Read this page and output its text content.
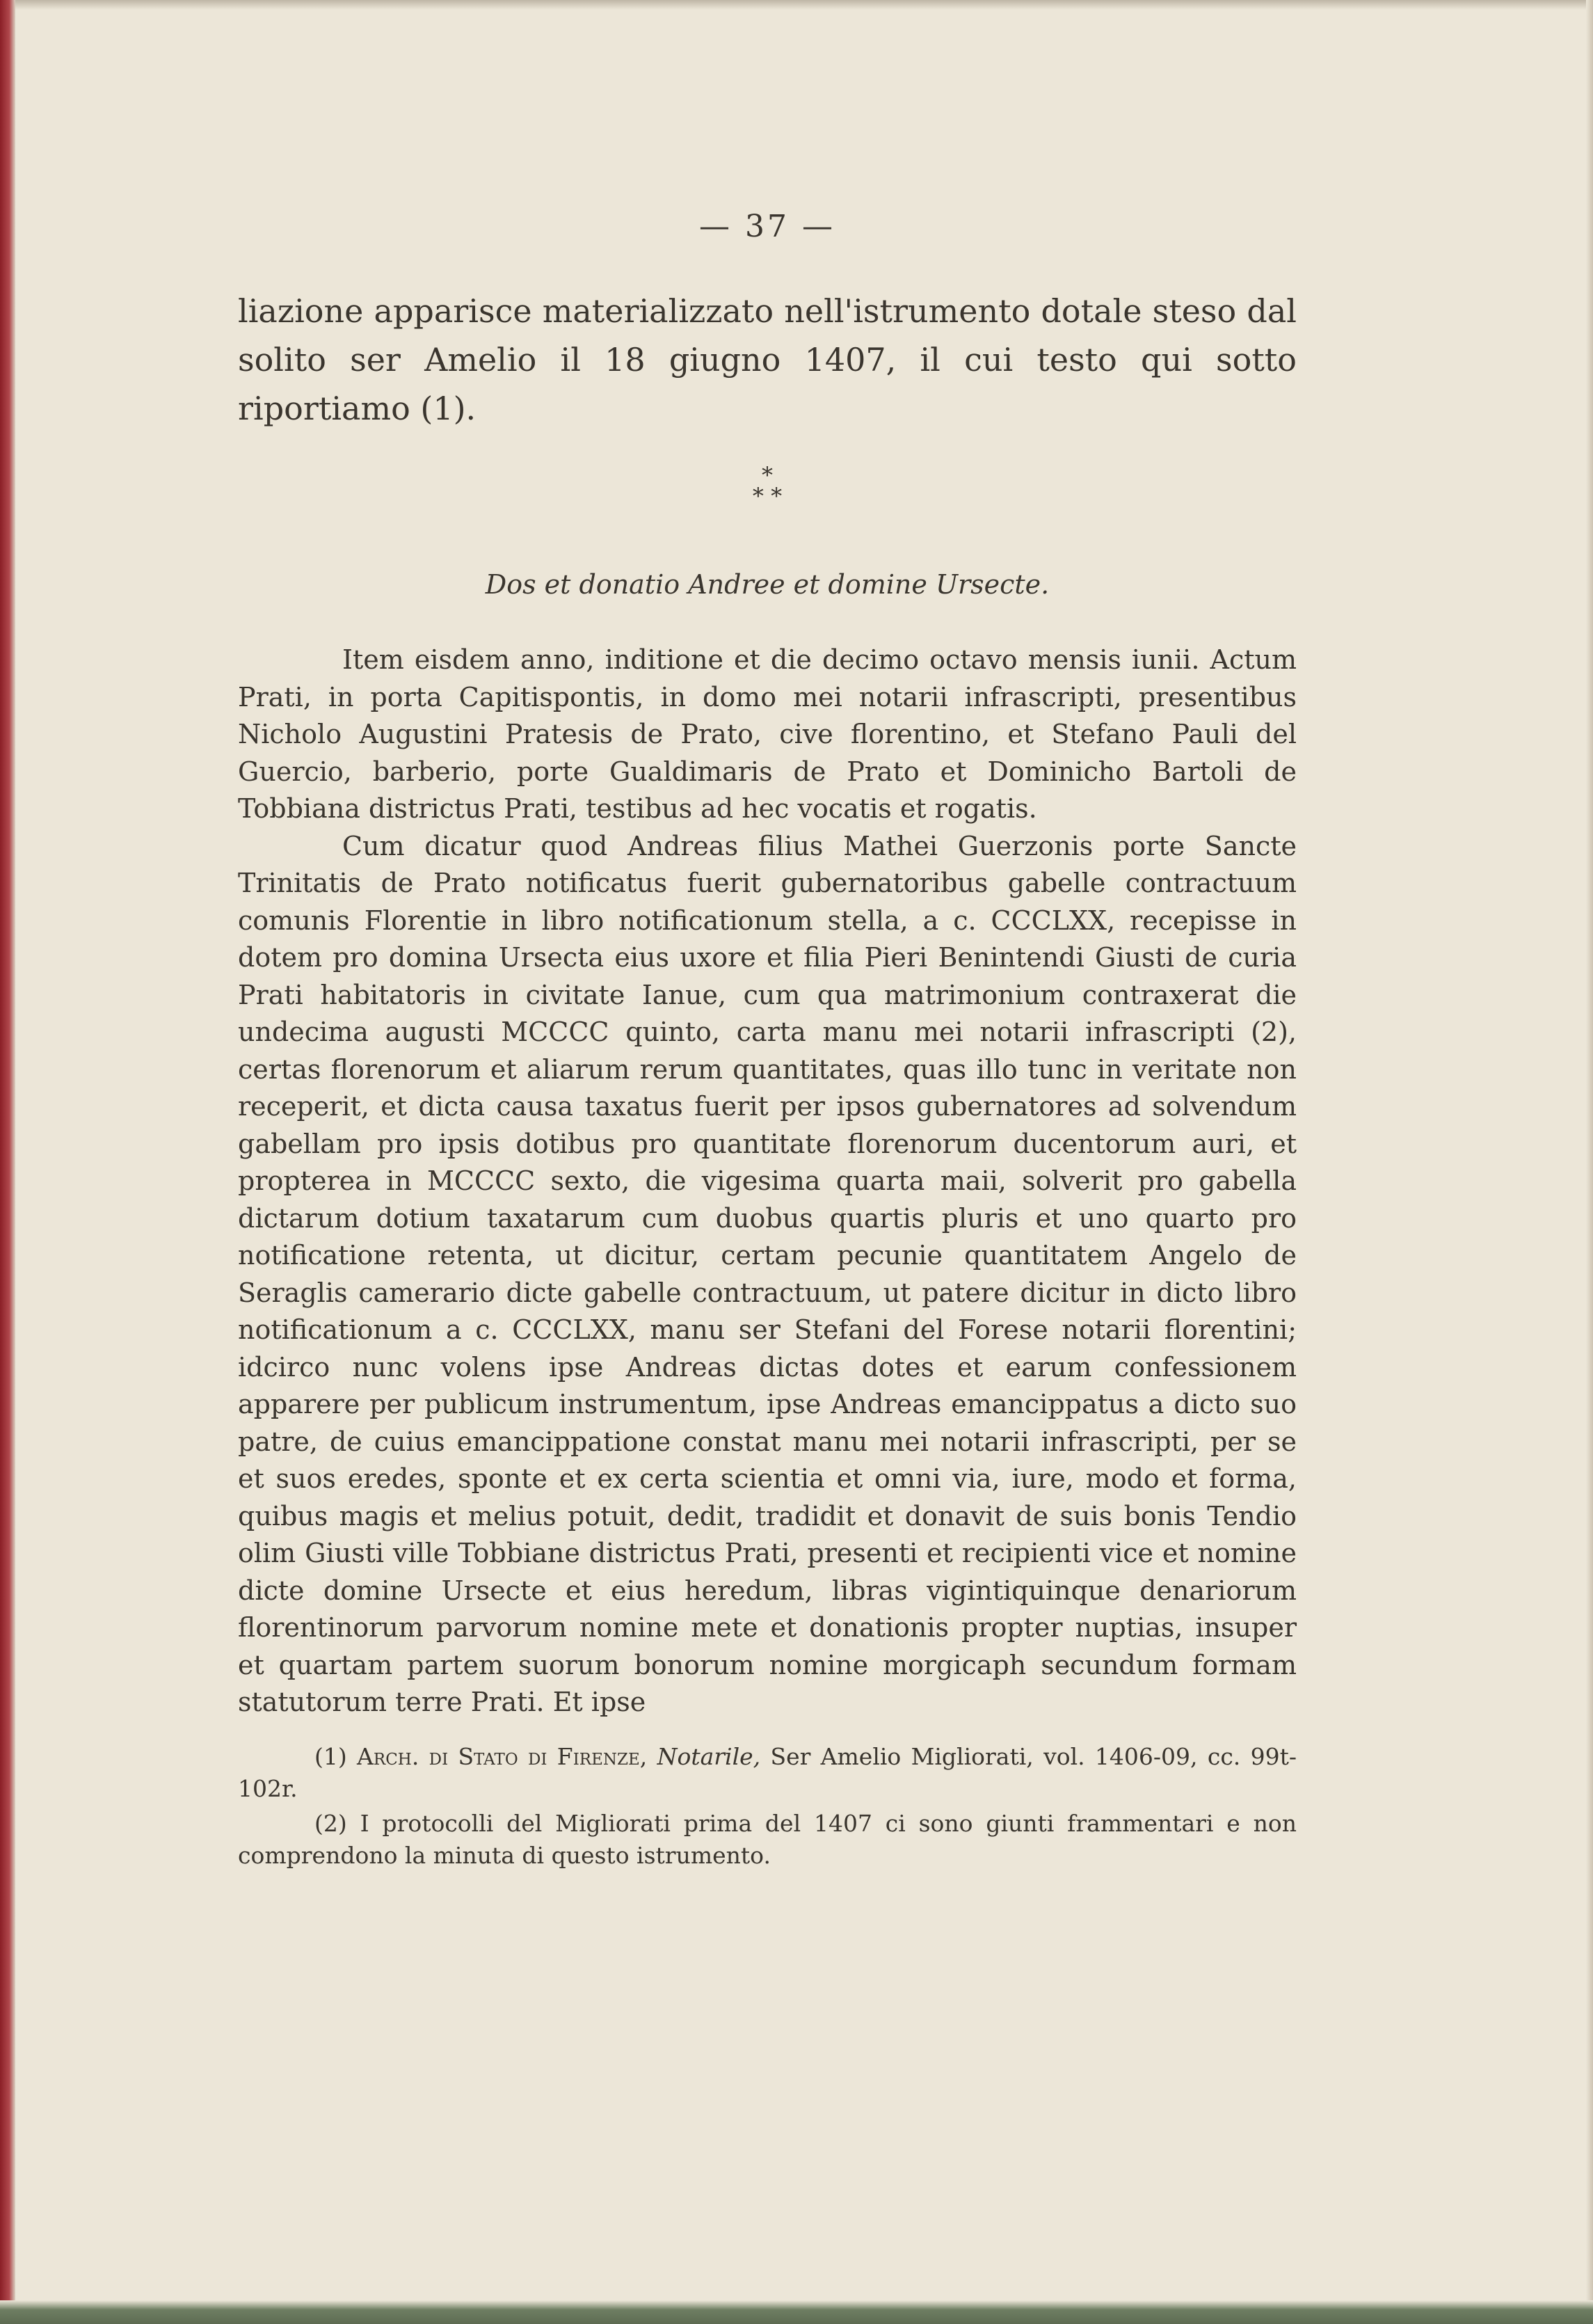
— 37 —

liazione apparisce materializzato nell'istrumento dotale steso dal solito ser Amelio il 18 giugno 1407, il cui testo qui sotto riportiamo (1).

*
* *
Dos et donatio Andree et domine Ursecte.

Item eisdem anno, inditione et die decimo octavo mensis iunii. Actum Prati, in porta Capitispontis, in domo mei notarii infrascripti, presentibus Nicholo Augustini Pratesis de Prato, cive florentino, et Stefano Pauli del Guercio, barberio, porte Gualdimaris de Prato et Dominicho Bartoli de Tobbiana districtus Prati, testibus ad hec vocatis et rogatis.

Cum dicatur quod Andreas filius Mathei Guerzonis porte Sancte Trinitatis de Prato notificatus fuerit gubernatoribus gabelle contractuum comunis Florentie in libro notificationum stella, a c. CCCLXX, recepisse in dotem pro domina Ursecta eius uxore et filia Pieri Benintendi Giusti de curia Prati habitatoris in civitate Ianue, cum qua matrimonium contraxerat die undecima augusti MCCCC quinto, carta manu mei notarii infrascripti (2), certas florenorum et aliarum rerum quantitates, quas illo tunc in veritate non receperit, et dicta causa taxatus fuerit per ipsos gubernatores ad solvendum gabellam pro ipsis dotibus pro quantitate florenorum ducentorum auri, et propterea in MCCCC sexto, die vigesima quarta maii, solverit pro gabella dictarum dotium taxatarum cum duobus quartis pluris et uno quarto pro notificatione retenta, ut dicitur, certam pecunie quantitatem Angelo de Seraglis camerario dicte gabelle contractuum, ut patere dicitur in dicto libro notificationum a c. CCCLXX, manu ser Stefani del Forese notarii florentini; idcirco nunc volens ipse Andreas dictas dotes et earum confessionem apparere per publicum instrumentum, ipse Andreas emancippatus a dicto suo patre, de cuius emancippatione constat manu mei notarii infrascripti, per se et suos eredes, sponte et ex certa scientia et omni via, iure, modo et forma, quibus magis et melius potuit, dedit, tradidit et donavit de suis bonis Tendio olim Giusti ville Tobbiane districtus Prati, presenti et recipienti vice et nomine dicte domine Ursecte et eius heredum, libras vigintiquinque denariorum florentinorum parvorum nomine mete et donationis propter nuptias, insuper et quartam partem suorum bonorum nomine morgicaph secundum formam statutorum terre Prati. Et ipse

(1) Arch. di Stato di Firenze, Notarile, Ser Amelio Migliorati, vol. 1406-09, cc. 99t-102r.

(2) I protocolli del Migliorati prima del 1407 ci sono giunti frammentari e non comprendono la minuta di questo istrumento.
